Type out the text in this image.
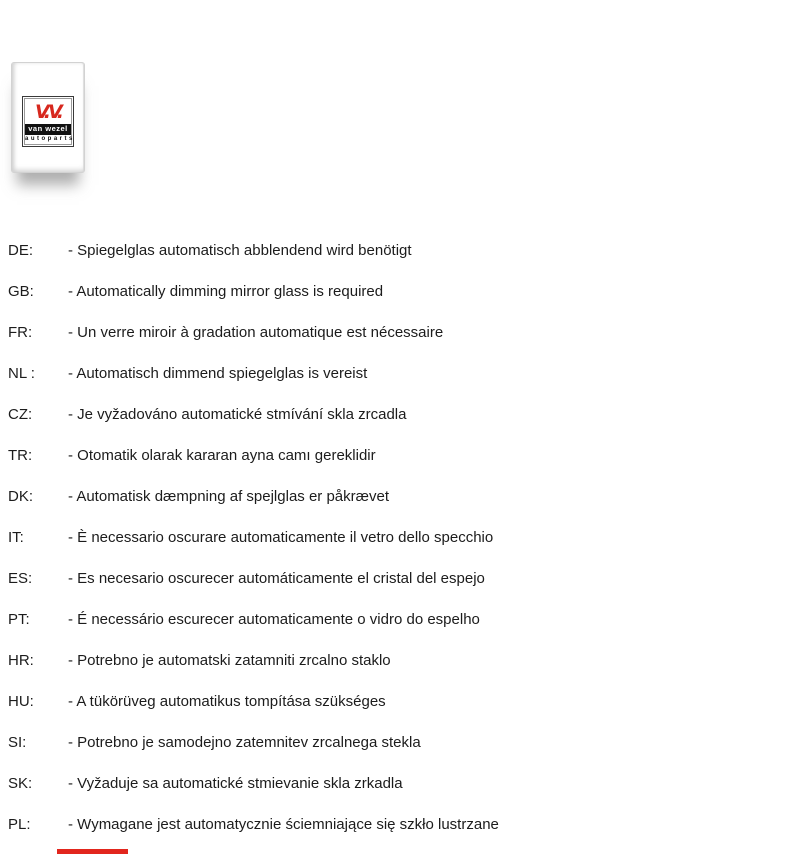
V.V.
van wezel
autoparts
DE:	- Spiegelglas automatisch abblendend wird benötigt
GB:	- Automatically dimming mirror glass is required
FR:	- Un verre miroir à gradation automatique est nécessaire
NL :	- Automatisch dimmend spiegelglas is vereist
CZ:	- Je vyžadováno automatické stmívání skla zrcadla
TR:	- Otomatik olarak kararan ayna camı gereklidir
DK:	- Automatisk dæmpning af spejlglas er påkrævet
IT:	- È necessario oscurare automaticamente il vetro dello specchio
ES:	- Es necesario oscurecer automáticamente el cristal del espejo
PT:	- É necessário escurecer automaticamente o vidro do espelho
HR:	- Potrebno je automatski zatamniti zrcalno staklo
HU:	- A tükörüveg automatikus tompítása szükséges
SI:	- Potrebno je samodejno zatemnitev zrcalnega stekla
SK:	- Vyžaduje sa automatické stmievanie skla zrkadla
PL:	- Wymagane jest automatycznie ściemniające się szkło lustrzane
